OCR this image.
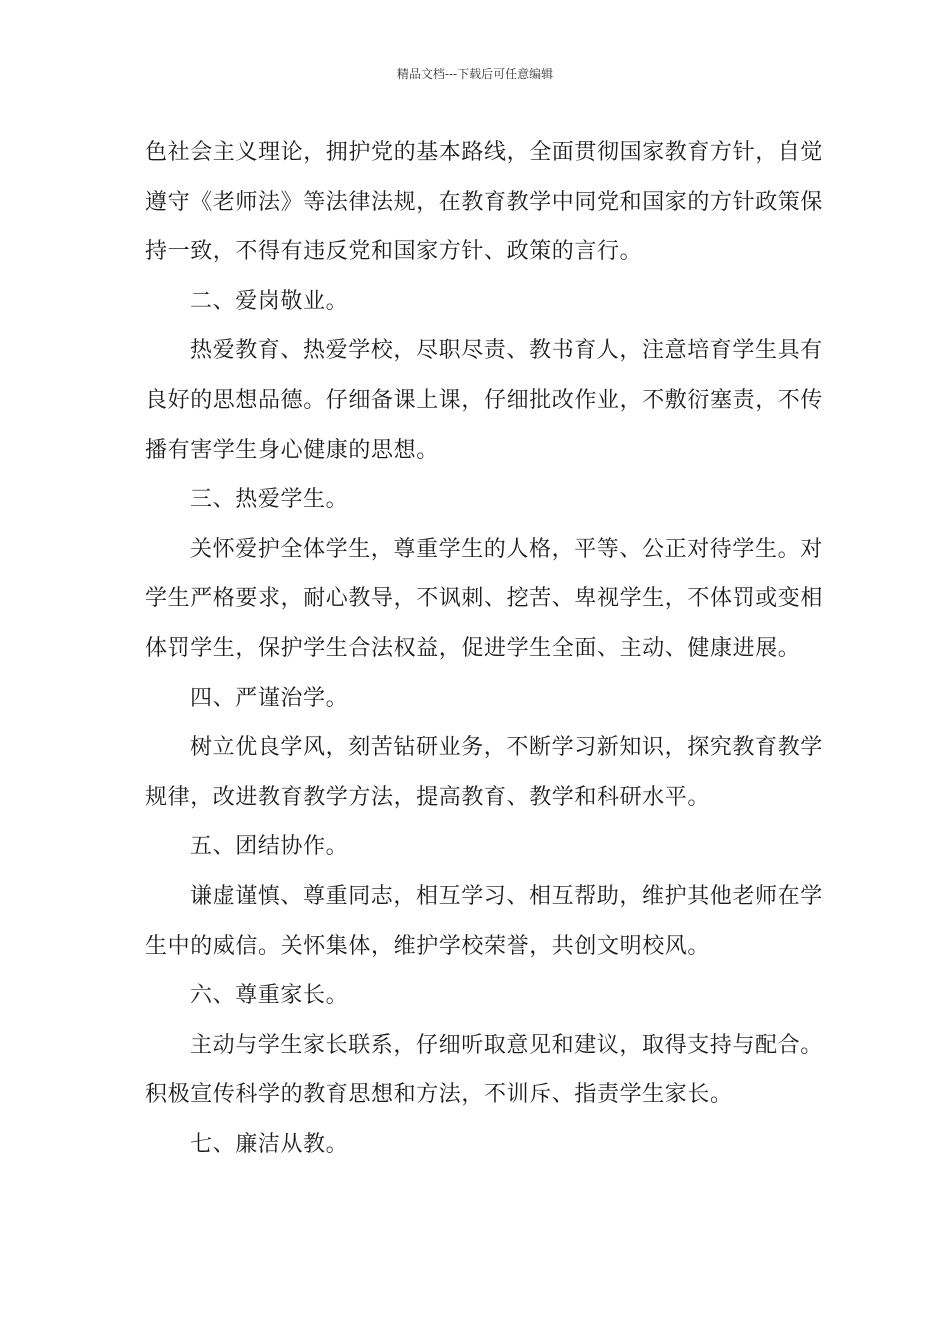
精品文档---下载后可任意编辑

色社会主义理论，拥护党的基本路线，全面贯彻国家教育方针，自觉遵守《老师法》等法律法规，在教育教学中同党和国家的方针政策保持一致，不得有违反党和国家方针、政策的言行。

二、爱岗敬业。

热爱教育、热爱学校，尽职尽责、教书育人，注意培育学生具有良好的思想品德。仔细备课上课，仔细批改作业，不敷衍塞责，不传播有害学生身心健康的思想。

三、热爱学生。

关怀爱护全体学生，尊重学生的人格，平等、公正对待学生。对学生严格要求，耐心教导，不讽刺、挖苦、卑视学生，不体罚或变相体罚学生，保护学生合法权益，促进学生全面、主动、健康进展。

四、严谨治学。

树立优良学风，刻苦钻研业务，不断学习新知识，探究教育教学规律，改进教育教学方法，提高教育、教学和科研水平。

五、团结协作。

谦虚谨慎、尊重同志，相互学习、相互帮助，维护其他老师在学生中的威信。关怀集体，维护学校荣誉，共创文明校风。

六、尊重家长。

主动与学生家长联系，仔细听取意见和建议，取得支持与配合。积极宣传科学的教育思想和方法，不训斥、指责学生家长。

七、廉洁从教。
